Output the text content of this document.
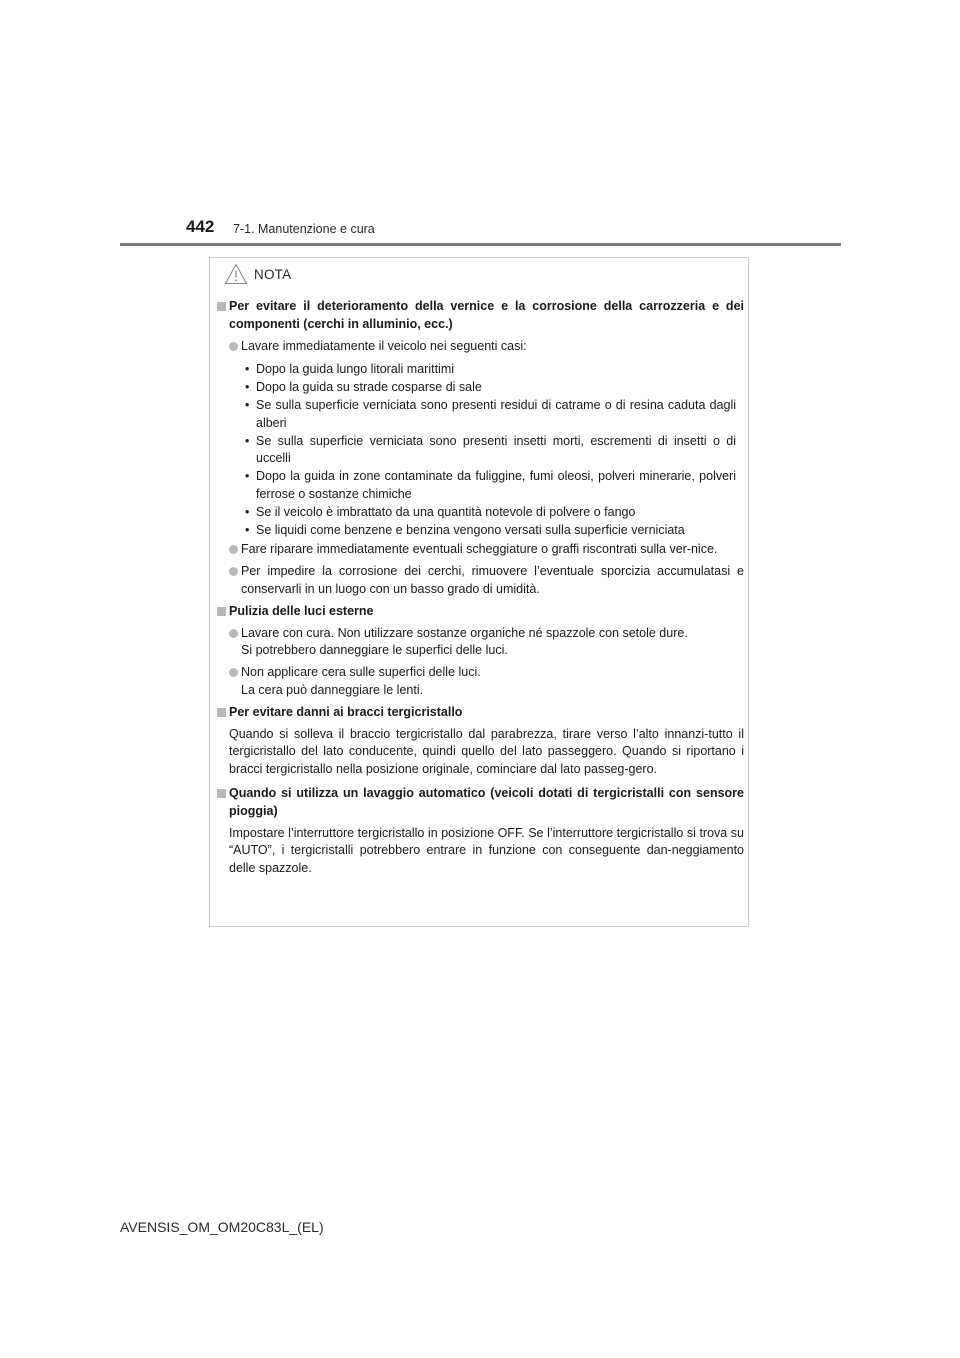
442 7-1. Manutenzione e cura
NOTA
Per evitare il deterioramento della vernice e la corrosione della carrozzeria e dei componenti (cerchi in alluminio, ecc.)
Lavare immediatamente il veicolo nei seguenti casi:
• Dopo la guida lungo litorali marittimi
• Dopo la guida su strade cosparse di sale
• Se sulla superficie verniciata sono presenti residui di catrame o di resina caduta dagli alberi
• Se sulla superficie verniciata sono presenti insetti morti, escrementi di insetti o di uccelli
• Dopo la guida in zone contaminate da fuliggine, fumi oleosi, polveri minerarie, polveri ferrose o sostanze chimiche
• Se il veicolo è imbrattato da una quantità notevole di polvere o fango
• Se liquidi come benzene e benzina vengono versati sulla superficie verniciata
Fare riparare immediatamente eventuali scheggiature o graffi riscontrati sulla ver-nice.
Per impedire la corrosione dei cerchi, rimuovere l’eventuale sporcizia accumulatasi e conservarli in un luogo con un basso grado di umidità.
Pulizia delle luci esterne
Lavare con cura. Non utilizzare sostanze organiche né spazzole con setole dure.
Si potrebbero danneggiare le superfici delle luci.
Non applicare cera sulle superfici delle luci.
La cera può danneggiare le lenti.
Per evitare danni ai bracci tergicristallo
Quando si solleva il braccio tergicristallo dal parabrezza, tirare verso l’alto innanzi-tutto il tergicristallo del lato conducente, quindi quello del lato passeggero. Quando si riportano i bracci tergicristallo nella posizione originale, cominciare dal lato passeg-gero.
Quando si utilizza un lavaggio automatico (veicoli dotati di tergicristalli con sensore pioggia)
Impostare l’interruttore tergicristallo in posizione OFF. Se l’interruttore tergicristallo si trova su “AUTO”, i tergicristalli potrebbero entrare in funzione con conseguente dan-neggiamento delle spazzole.
AVENSIS_OM_OM20C83L_(EL)
